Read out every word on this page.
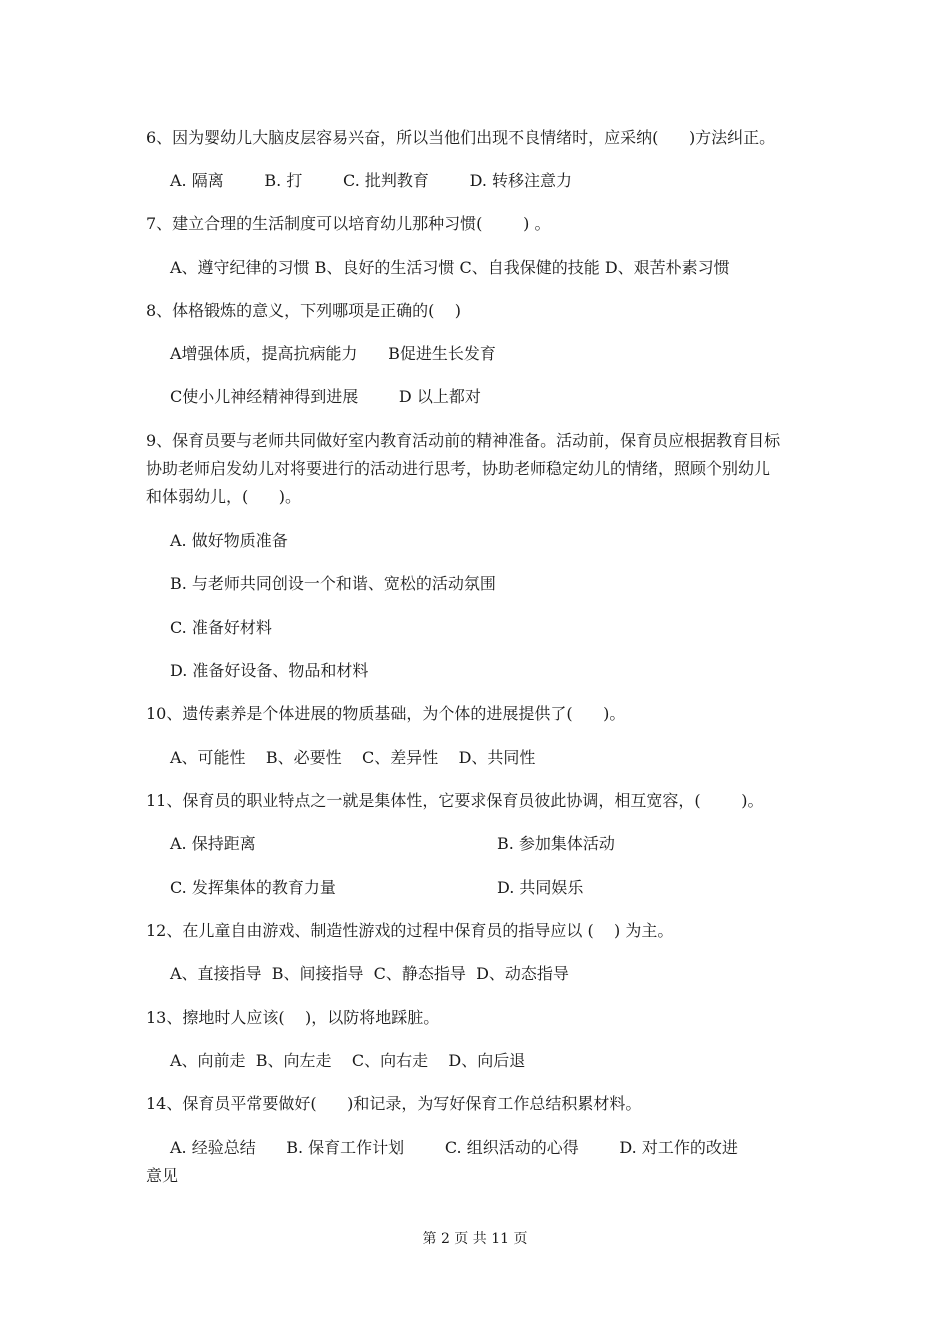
6、因为婴幼儿大脑皮层容易兴奋，所以当他们出现不良情绪时，应采纳(      )方法纠正。
A. 隔离        B. 打        C. 批判教育        D. 转移注意力
7、建立合理的生活制度可以培育幼儿那种习惯(        ) 。
A、遵守纪律的习惯 B、良好的生活习惯 C、自我保健的技能 D、艰苦朴素习惯
8、体格锻炼的意义，下列哪项是正确的(    )
A增强体质，提高抗病能力      B促进生长发育
C使小儿神经精神得到进展        D 以上都对
9、保育员要与老师共同做好室内教育活动前的精神准备。活动前，保育员应根据教育目标
协助老师启发幼儿对将要进行的活动进行思考，协助老师稳定幼儿的情绪，照顾个别幼儿
和体弱幼儿，(      )。
A. 做好物质准备
B. 与老师共同创设一个和谐、宽松的活动氛围
C. 准备好材料
D. 准备好设备、物品和材料
10、遗传素养是个体进展的物质基础，为个体的进展提供了(      )。
A、可能性    B、必要性    C、差异性    D、共同性
11、保育员的职业特点之一就是集体性，它要求保育员彼此协调，相互宽容，(        )。
A. 保持距离	B. 参加集体活动
C. 发挥集体的教育力量	D. 共同娱乐
12、在儿童自由游戏、制造性游戏的过程中保育员的指导应以 (    ) 为主。
A、直接指导  B、间接指导  C、静态指导  D、动态指导
13、擦地时人应该(    )，以防将地踩脏。
A、向前走  B、向左走    C、向右走    D、向后退
14、保育员平常要做好(      )和记录，为写好保育工作总结积累材料。
A. 经验总结      B. 保育工作计划        C. 组织活动的心得        D. 对工作的改进
意见
第 2 页 共 11 页
